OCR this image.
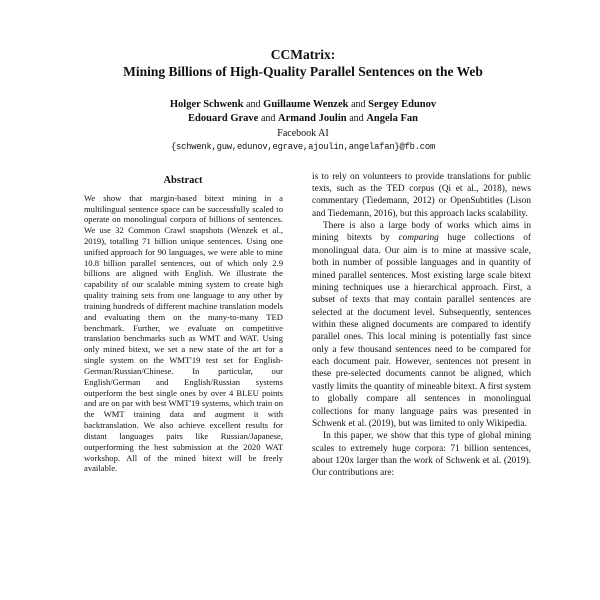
CCMatrix:
Mining Billions of High-Quality Parallel Sentences on the Web
Holger Schwenk and Guillaume Wenzek and Sergey Edunov
Edouard Grave and Armand Joulin and Angela Fan
Facebook AI
{schwenk,guw,edunov,egrave,ajoulin,angelafan}@fb.com
Abstract

We show that margin-based bitext mining in a multilingual sentence space can be successfully scaled to operate on monolingual corpora of billions of sentences. We use 32 Common Crawl snapshots (Wenzek et al., 2019), totalling 71 billion unique sentences. Using one unified approach for 90 languages, we were able to mine 10.8 billion parallel sentences, out of which only 2.9 billions are aligned with English. We illustrate the capability of our scalable mining system to create high quality training sets from one language to any other by training hundreds of different machine translation models and evaluating them on the many-to-many TED benchmark. Further, we evaluate on competitive translation benchmarks such as WMT and WAT. Using only mined bitext, we set a new state of the art for a single system on the WMT'19 test set for English-German/Russian/Chinese. In particular, our English/German and English/Russian systems outperform the best single ones by over 4 BLEU points and are on par with best WMT'19 systems, which train on the WMT training data and augment it with backtranslation. We also achieve excellent results for distant languages pairs like Russian/Japanese, outperforming the best submission at the 2020 WAT workshop. All of the mined bitext will be freely available.

is to rely on volunteers to provide translations for public texts, such as the TED corpus (Qi et al., 2018), news commentary (Tiedemann, 2012) or OpenSubtitles (Lison and Tiedemann, 2016), but this approach lacks scalability.

There is also a large body of works which aims in mining bitexts by comparing huge collections of monolingual data. Our aim is to mine at massive scale, both in number of possible languages and in quantity of mined parallel sentences. Most existing large scale bitext mining techniques use a hierarchical approach. First, a subset of texts that may contain parallel sentences are selected at the document level. Subsequently, sentences within these aligned documents are compared to identify parallel ones. This local mining is potentially fast since only a few thousand sentences need to be compared for each document pair. However, sentences not present in these pre-selected documents cannot be aligned, which vastly limits the quantity of mineable bitext. A first system to globally compare all sentences in monolingual collections for many language pairs was presented in Schwenk et al. (2019), but was limited to only Wikipedia.

In this paper, we show that this type of global mining scales to extremely huge corpora: 71 billion sentences, about 120x larger than the work of Schwenk et al. (2019). Our contributions are:
